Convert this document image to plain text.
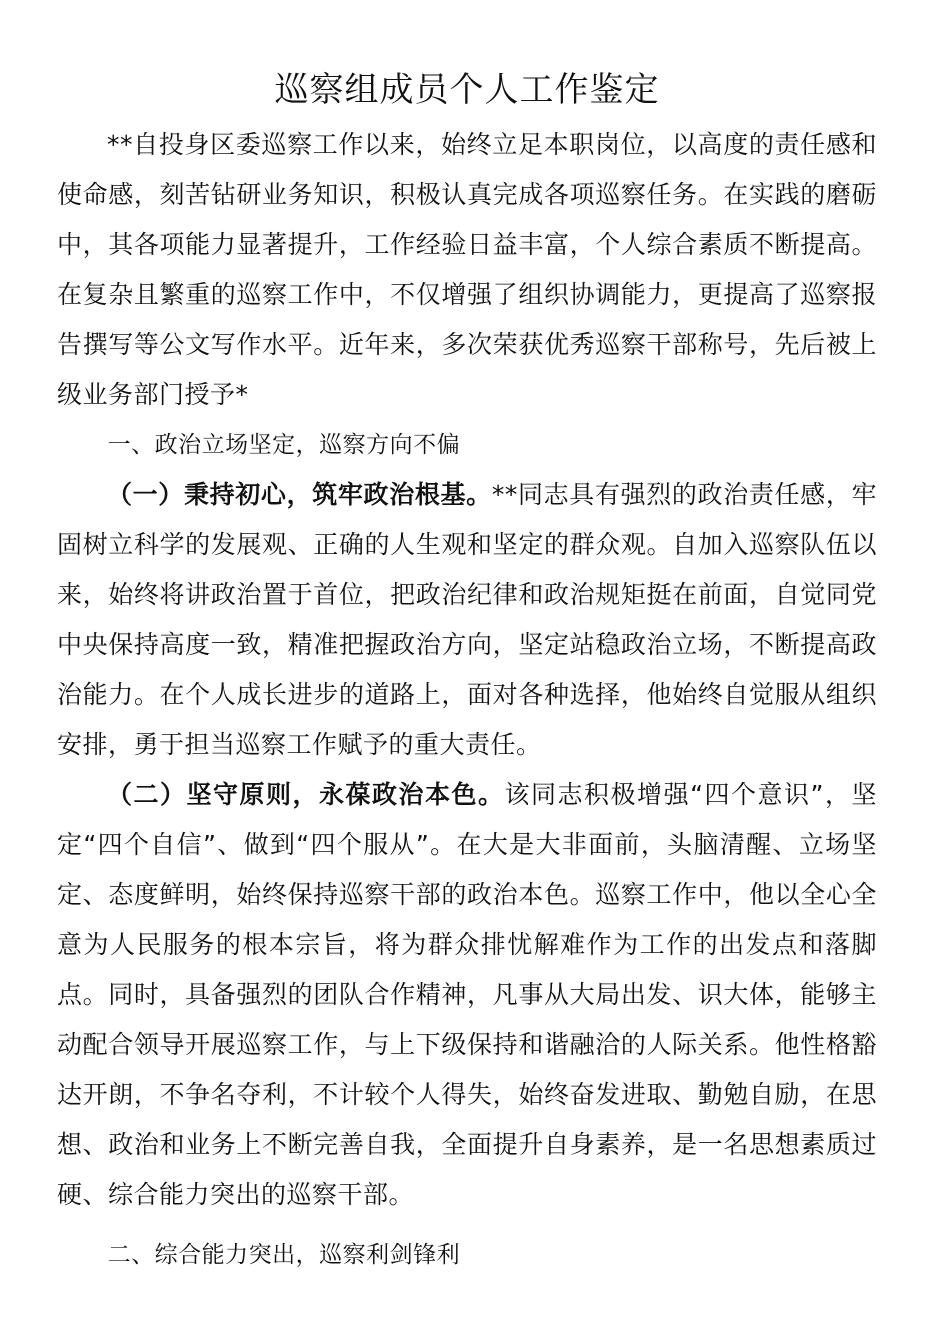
巡察组成员个人工作鉴定

**自投身区委巡察工作以来，始终立足本职岗位，以高度的责任感和使命感，刻苦钻研业务知识，积极认真完成各项巡察任务。在实践的磨砺中，其各项能力显著提升，工作经验日益丰富，个人综合素质不断提高。在复杂且繁重的巡察工作中，不仅增强了组织协调能力，更提高了巡察报告撰写等公文写作水平。近年来，多次荣获优秀巡察干部称号，先后被上级业务部门授予*

一、政治立场坚定，巡察方向不偏

（一）秉持初心，筑牢政治根基。**同志具有强烈的政治责任感，牢固树立科学的发展观、正确的人生观和坚定的群众观。自加入巡察队伍以来，始终将讲政治置于首位，把政治纪律和政治规矩挺在前面，自觉同党中央保持高度一致，精准把握政治方向，坚定站稳政治立场，不断提高政治能力。在个人成长进步的道路上，面对各种选择，他始终自觉服从组织安排，勇于担当巡察工作赋予的重大责任。

（二）坚守原则，永葆政治本色。该同志积极增强“四个意识”，坚定“四个自信”、做到“四个服从”。在大是大非面前，头脑清醒、立场坚定、态度鲜明，始终保持巡察干部的政治本色。巡察工作中，他以全心全意为人民服务的根本宗旨，将为群众排忧解难作为工作的出发点和落脚点。同时，具备强烈的团队合作精神，凡事从大局出发、识大体，能够主动配合领导开展巡察工作，与上下级保持和谐融洽的人际关系。他性格豁达开朗，不争名夺利，不计较个人得失，始终奋发进取、勤勉自励，在思想、政治和业务上不断完善自我，全面提升自身素养，是一名思想素质过硬、综合能力突出的巡察干部。

二、综合能力突出，巡察利剑锋利
